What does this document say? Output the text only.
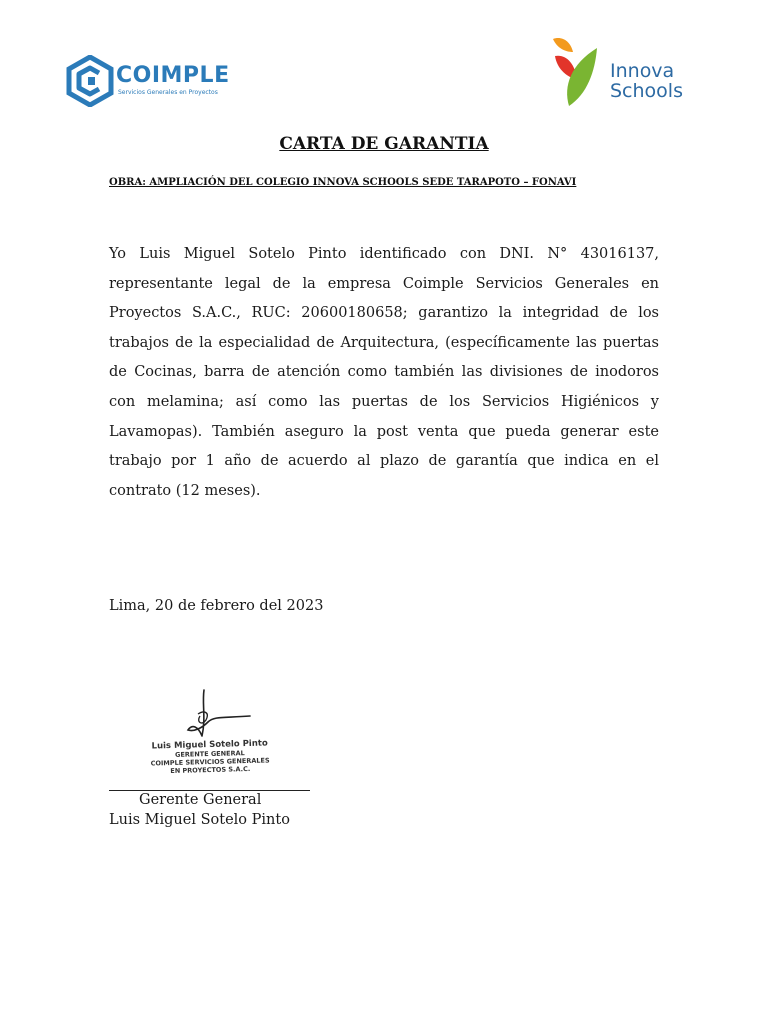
COIMPLE
Servicios Generales en Proyectos
Innova
Schools
CARTA DE GARANTIA
OBRA: AMPLIACIÓN DEL COLEGIO INNOVA SCHOOLS SEDE TARAPOTO – FONAVI

Yo Luis Miguel Sotelo Pinto identificado con DNI. N° 43016137, representante legal de la empresa Coimple Servicios Generales en Proyectos S.A.C., RUC: 20600180658; garantizo la integridad de los trabajos de la especialidad de Arquitectura, (específicamente las puertas de Cocinas, barra de atención como también las divisiones de inodoros con melamina; así como las puertas de los Servicios Higiénicos y Lavamopas). También aseguro la post venta que pueda generar este trabajo por 1 año de acuerdo al plazo de garantía que indica en el contrato (12 meses).

Lima, 20 de febrero del 2023
Luis Miguel Sotelo Pinto
GERENTE GENERAL
COIMPLE SERVICIOS GENERALES
EN PROYECTOS S.A.C.
Gerente General
Luis Miguel Sotelo Pinto
